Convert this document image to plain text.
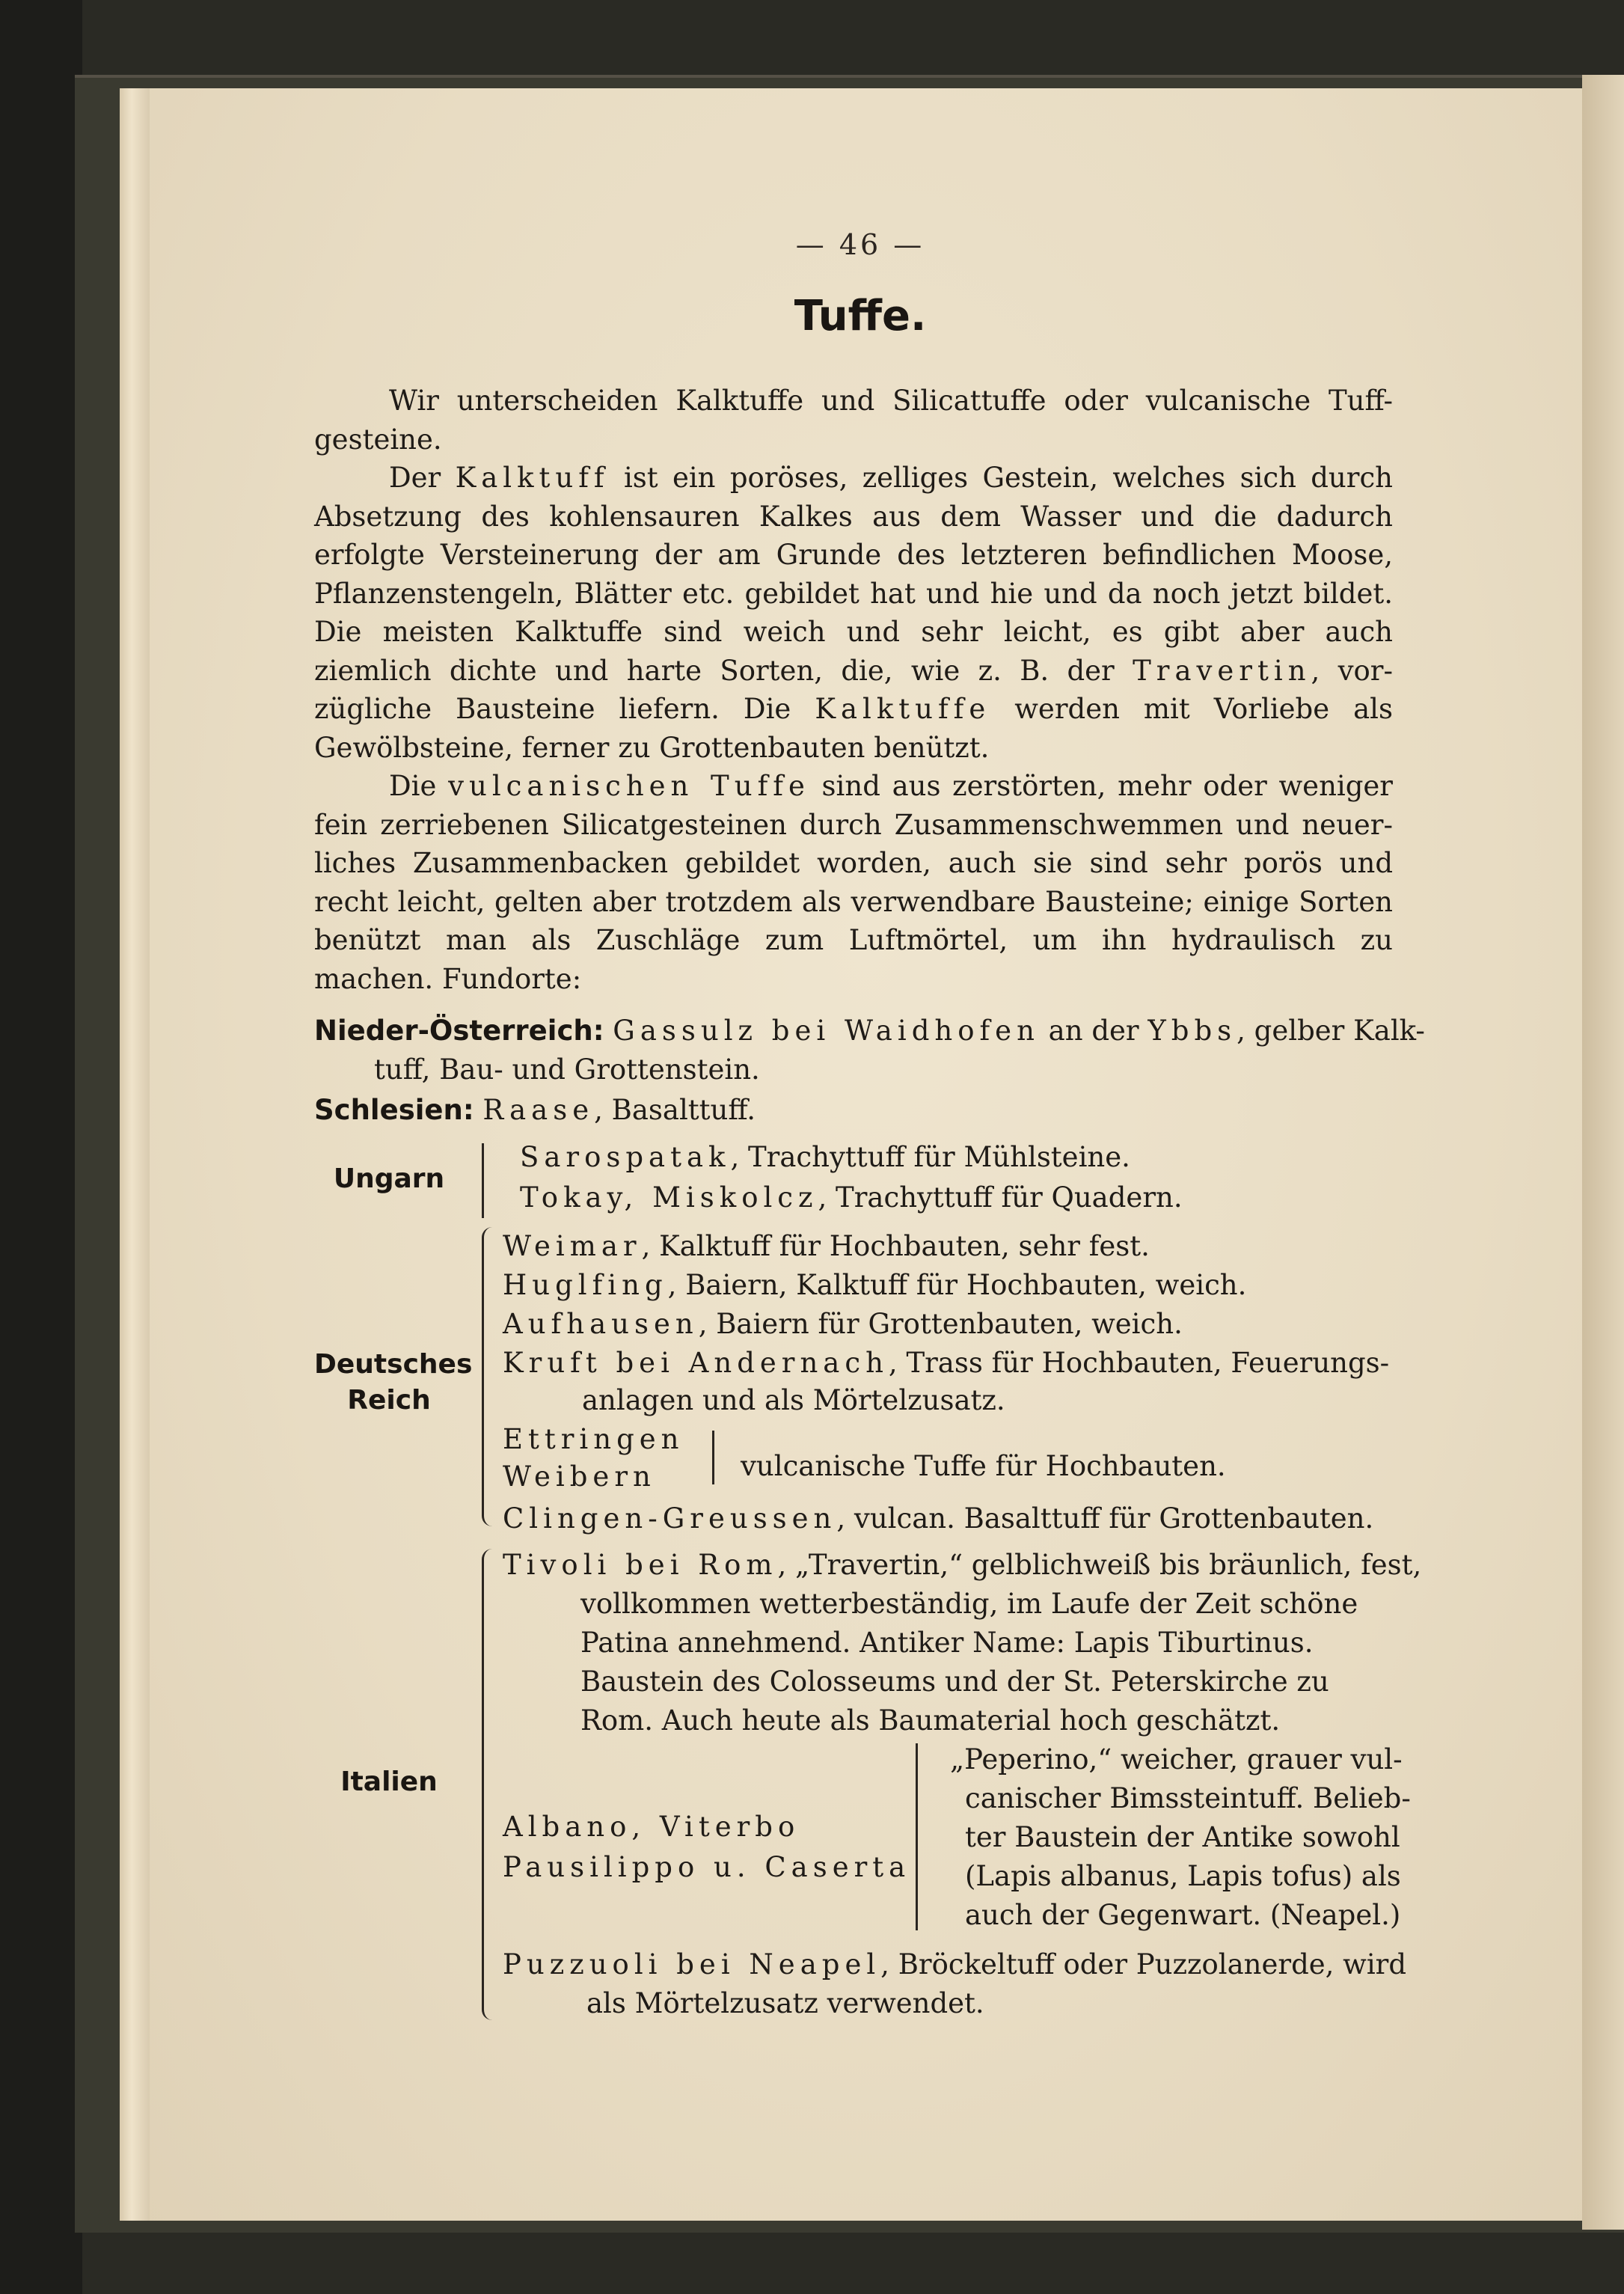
— 46 —
Tuffe.
Wir unterscheiden Kalktuffe und Silicattuffe oder vulcanische Tuff-
gesteine.
Der Kalktuff ist ein poröses, zelliges Gestein, welches sich durch
Absetzung des kohlensauren Kalkes aus dem Wasser und die dadurch
erfolgte Versteinerung der am Grunde des letzteren befindlichen Moose,
Pflanzenstengeln, Blätter etc. gebildet hat und hie und da noch jetzt bildet.
Die meisten Kalktuffe sind weich und sehr leicht, es gibt aber auch
ziemlich dichte und harte Sorten, die, wie z. B. der Travertin, vor-
zügliche Bausteine liefern. Die Kalktuffe werden mit Vorliebe als
Gewölbsteine, ferner zu Grottenbauten benützt.
Die vulcanischen Tuffe sind aus zerstörten, mehr oder weniger
fein zerriebenen Silicatgesteinen durch Zusammenschwemmen und neuer-
liches Zusammenbacken gebildet worden, auch sie sind sehr porös und
recht leicht, gelten aber trotzdem als verwendbare Bausteine; einige Sorten
benützt man als Zuschläge zum Luftmörtel, um ihn hydraulisch zu
machen. Fundorte:
Nieder-Österreich: Gassulz bei Waidhofen an der Ybbs, gelber Kalk-
tuff, Bau- und Grottenstein.
Schlesien: Raase, Basalttuff.
Ungarn
Sarospatak, Trachyttuff für Mühlsteine.
Tokay, Miskolcz, Trachyttuff für Quadern.
Deutsches
Reich
Weimar, Kalktuff für Hochbauten, sehr fest.
Huglfing, Baiern, Kalktuff für Hochbauten, weich.
Aufhausen, Baiern für Grottenbauten, weich.
Kruft bei Andernach, Trass für Hochbauten, Feuerungs-
anlagen und als Mörtelzusatz.
Ettringen
Weibern	vulcanische Tuffe für Hochbauten.
Clingen-Greussen, vulcan. Basalttuff für Grottenbauten.
Italien
Tivoli bei Rom, „Travertin,“ gelblichweiß bis bräunlich, fest,
vollkommen wetterbeständig, im Laufe der Zeit schöne
Patina annehmend. Antiker Name: Lapis Tiburtinus.
Baustein des Colosseums und der St. Peterskirche zu
Rom. Auch heute als Baumaterial hoch geschätzt.
Albano, Viterbo
Pausilippo u. Caserta
„Peperino,“ weicher, grauer vul-
canischer Bimssteintuff. Belieb-
ter Baustein der Antike sowohl
(Lapis albanus, Lapis tofus) als
auch der Gegenwart. (Neapel.)
Puzzuoli bei Neapel, Bröckeltuff oder Puzzolanerde, wird
als Mörtelzusatz verwendet.
